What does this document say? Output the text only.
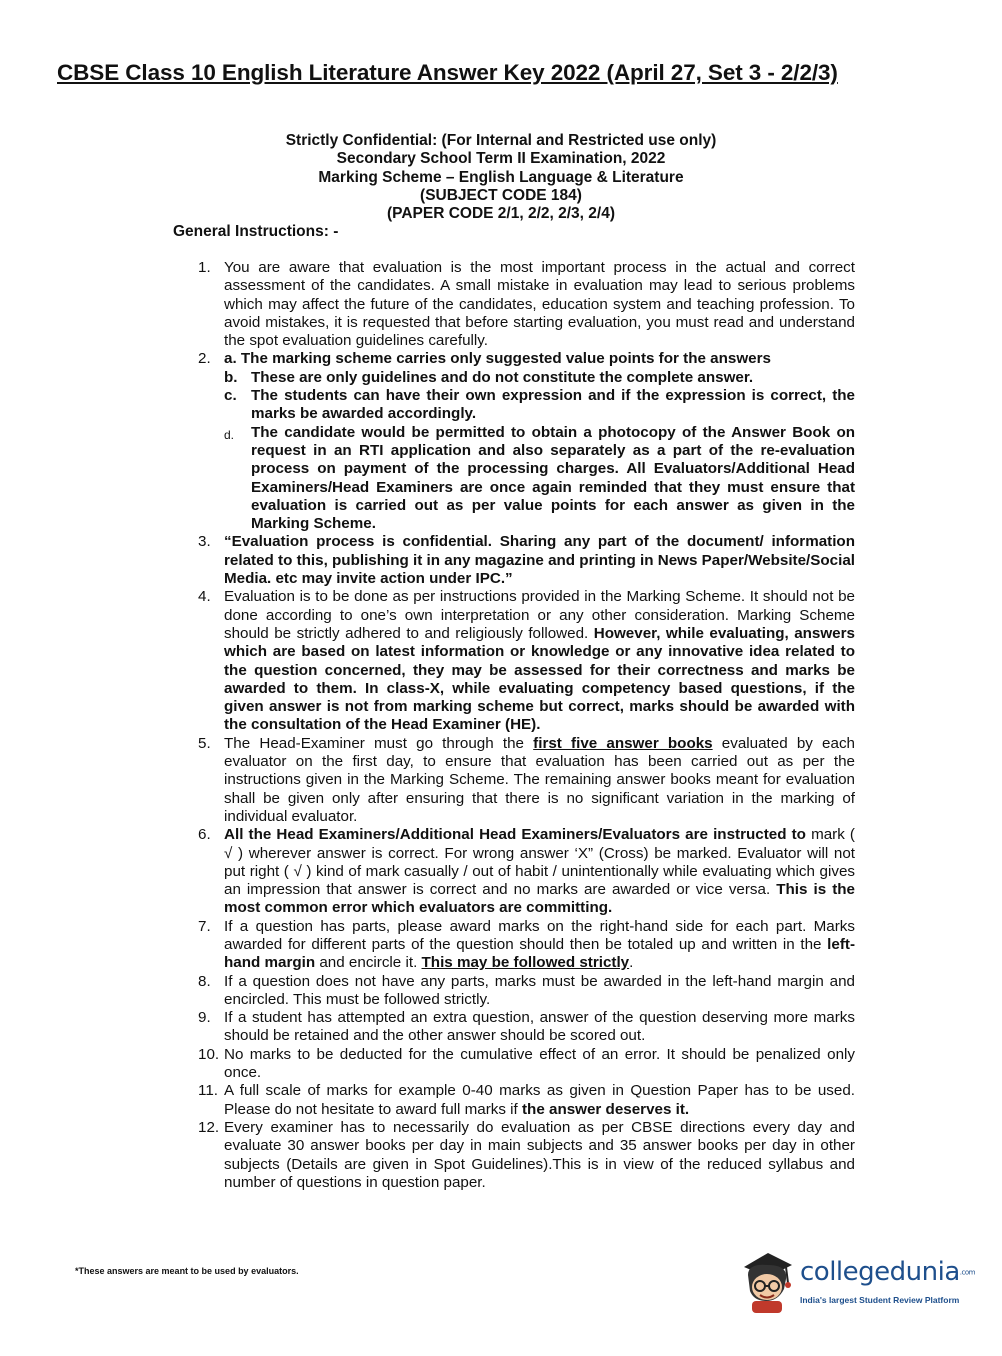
CBSE Class 10 English Literature Answer Key 2022 (April 27, Set 3 - 2/2/3)
Strictly Confidential: (For Internal and Restricted use only)
Secondary School Term II Examination, 2022
Marking Scheme – English Language & Literature
(SUBJECT CODE 184)
(PAPER CODE 2/1, 2/2, 2/3, 2/4)
General Instructions: -
1. You are aware that evaluation is the most important process in the actual and correct assessment of the candidates. A small mistake in evaluation may lead to serious problems which may affect the future of the candidates, education system and teaching profession. To avoid mistakes, it is requested that before starting evaluation, you must read and understand the spot evaluation guidelines carefully.
2. a. The marking scheme carries only suggested value points for the answers
b. These are only guidelines and do not constitute the complete answer.
c. The students can have their own expression and if the expression is correct, the marks be awarded accordingly.
d.	The candidate would be permitted to obtain a photocopy of the Answer Book on request in an RTI application and also separately as a part of the re-evaluation process on payment of the processing charges. All Evaluators/Additional Head Examiners/Head Examiners are once again reminded that they must ensure that evaluation is carried out as per value points for each answer as given in the Marking Scheme.
3. “Evaluation process is confidential. Sharing any part of the document/ information related to this, publishing it in any magazine and printing in News Paper/Website/Social Media. etc may invite action under IPC.”
4. Evaluation is to be done as per instructions provided in the Marking Scheme. It should not be done according to one’s own interpretation or any other consideration. Marking Scheme should be strictly adhered to and religiously followed. However, while evaluating, answers which are based on latest information or knowledge or any innovative idea related to the question concerned, they may be assessed for their correctness and marks be awarded to them. In class-X, while evaluating competency based questions, if the given answer is not from marking scheme but correct, marks should be awarded with the consultation of the Head Examiner (HE).
5. The Head-Examiner must go through the first five answer books evaluated by each evaluator on the first day, to ensure that evaluation has been carried out as per the instructions given in the Marking Scheme. The remaining answer books meant for evaluation shall be given only after ensuring that there is no significant variation in the marking of individual evaluator.
6. All the Head Examiners/Additional Head Examiners/Evaluators are instructed to mark ( √ ) wherever answer is correct. For wrong answer ‘X” (Cross) be marked. Evaluator will not put right ( √ ) kind of mark casually / out of habit / unintentionally while evaluating which gives an impression that answer is correct and no marks are awarded or vice versa. This is the most common error which evaluators are committing.
7. If a question has parts, please award marks on the right-hand side for each part. Marks awarded for different parts of the question should then be totaled up and written in the left-hand margin and encircle it. This may be followed strictly.
8. If a question does not have any parts, marks must be awarded in the left-hand margin and encircled. This must be followed strictly.
9. If a student has attempted an extra question, answer of the question deserving more marks should be retained and the other answer should be scored out.
10. No marks to be deducted for the cumulative effect of an error. It should be penalized only once.
11. A full scale of marks for example 0-40 marks as given in Question Paper has to be used. Please do not hesitate to award full marks if the answer deserves it.
12. Every examiner has to necessarily do evaluation as per CBSE directions every day and evaluate 30 answer books per day in main subjects and 35 answer books per day in other subjects (Details are given in Spot Guidelines).This is in view of the reduced syllabus and number of questions in question paper.
*These answers are meant to be used by evaluators.	collegedunia.com
India's largest Student Review Platform
